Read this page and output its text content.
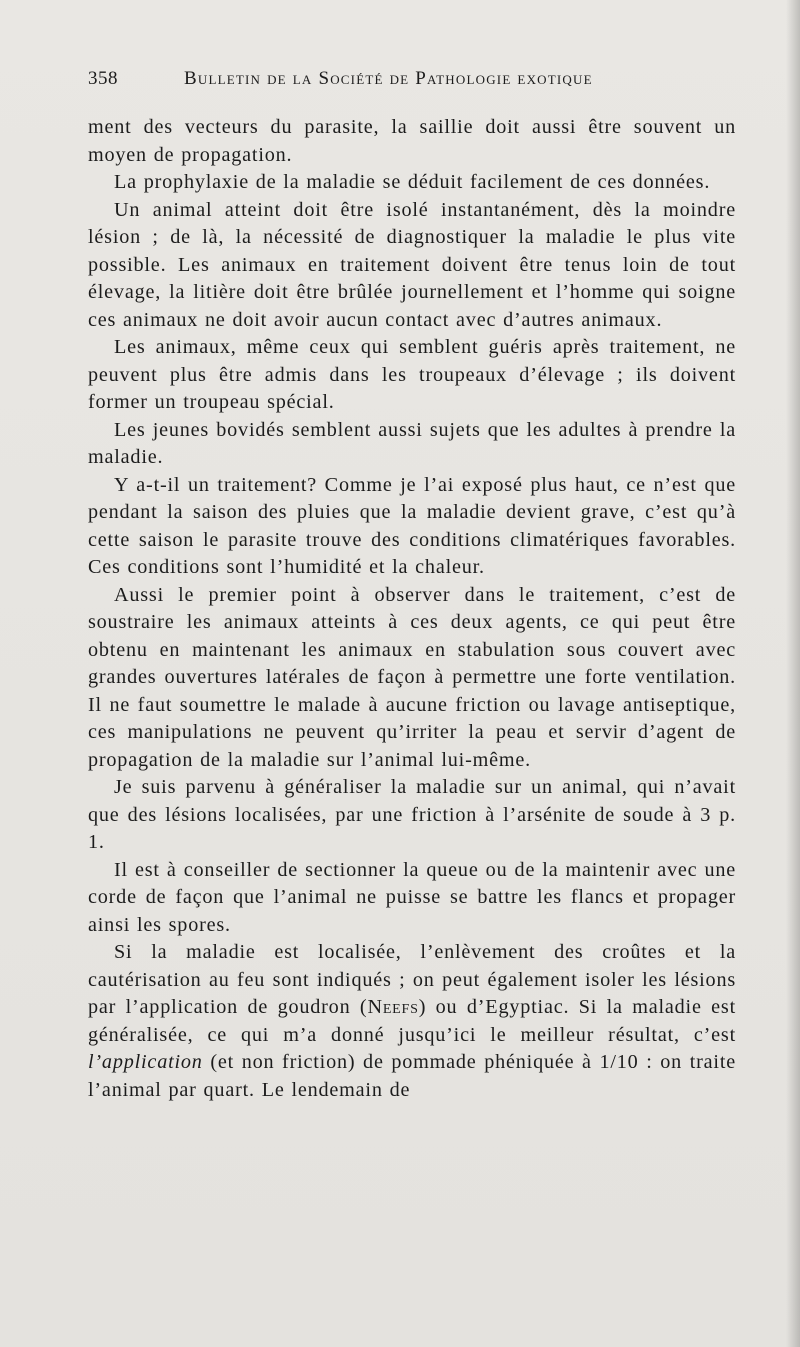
358	Bulletin de la Société de Pathologie exotique

ment des vecteurs du parasite, la saillie doit aussi être souvent un moyen de propagation.

La prophylaxie de la maladie se déduit facilement de ces données.

Un animal atteint doit être isolé instantanément, dès la moindre lésion ; de là, la nécessité de diagnostiquer la maladie le plus vite possible. Les animaux en traitement doivent être tenus loin de tout élevage, la litière doit être brûlée journellement et l’homme qui soigne ces animaux ne doit avoir aucun contact avec d’autres animaux.

Les animaux, même ceux qui semblent guéris après traitement, ne peuvent plus être admis dans les troupeaux d’élevage ; ils doivent former un troupeau spécial.

Les jeunes bovidés semblent aussi sujets que les adultes à prendre la maladie.

Y a-t-il un traitement? Comme je l’ai exposé plus haut, ce n’est que pendant la saison des pluies que la maladie devient grave, c’est qu’à cette saison le parasite trouve des conditions climatériques favorables. Ces conditions sont l’humidité et la chaleur.

Aussi le premier point à observer dans le traitement, c’est de soustraire les animaux atteints à ces deux agents, ce qui peut être obtenu en maintenant les animaux en stabulation sous couvert avec grandes ouvertures latérales de façon à permettre une forte ventilation. Il ne faut soumettre le malade à aucune friction ou lavage antiseptique, ces manipulations ne peuvent qu’irriter la peau et servir d’agent de propagation de la maladie sur l’animal lui-même.

Je suis parvenu à généraliser la maladie sur un animal, qui n’avait que des lésions localisées, par une friction à l’arsénite de soude à 3 p. 1.

Il est à conseiller de sectionner la queue ou de la maintenir avec une corde de façon que l’animal ne puisse se battre les flancs et propager ainsi les spores.

Si la maladie est localisée, l’enlèvement des croûtes et la cautérisation au feu sont indiqués ; on peut également isoler les lésions par l’application de goudron (Neefs) ou d’Egyptiac. Si la maladie est généralisée, ce qui m’a donné jusqu’ici le meilleur résultat, c’est l’application (et non friction) de pommade phéniquée à 1/10 : on traite l’animal par quart. Le lendemain de
